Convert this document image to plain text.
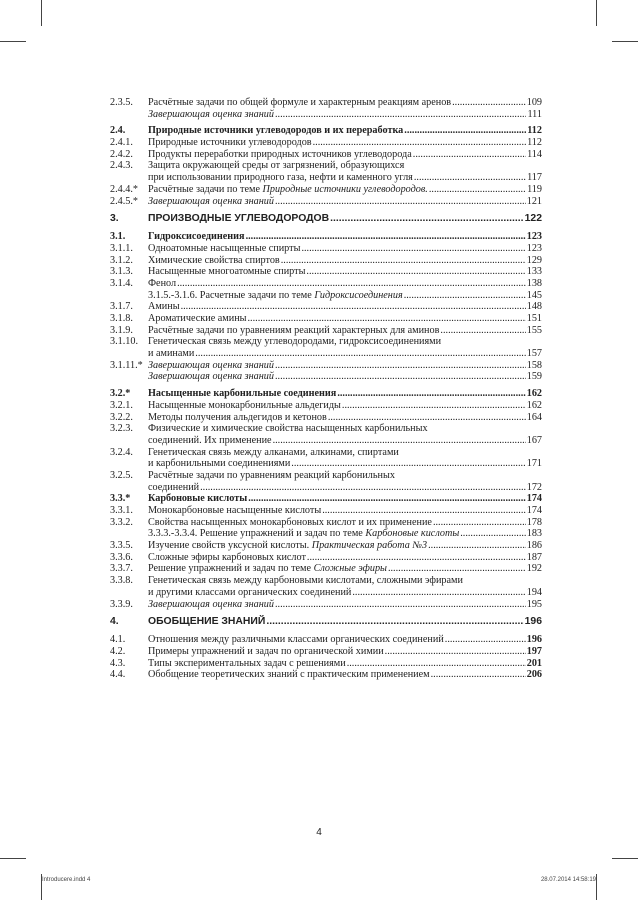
2.3.5.	Расчётные задачи по общей формуле и характерным реакциям аренов .....	109
Завершающая оценка знаний .....	111
2.4.	Природные источники углеводородов и их переработка .....	112
2.4.1.	Природные источники углеводородов .....	112
2.4.2.	Продукты переработки природных источников углеводорода .....	114
2.4.3.	Защита окружающей среды от загрязнений, образующихся
при использовании природного газа, нефти и каменного угля .....	117
2.4.4.* Расчётные задачи по теме Природные источники углеводородов. .....	119
2.4.5.* Завершающая оценка знаний .....	121
3.	ПРОИЗВОДНЫЕ УГЛЕВОДОРОДОВ .....	122
3.1.	Гидроксисоединения .....	123
3.1.1.	Одноатомные насыщенные спирты .....	123
3.1.2.	Химические свойства спиртов .....	129
3.1.3.	Насыщенные многоатомные спирты .....	133
3.1.4.	Фенол .....	138
3.1.5.-3.1.6. Расчетные задачи по теме Гидроксисоединения .....	145
3.1.7.	Амины .....	148
3.1.8.	Ароматические амины .....	151
3.1.9.	Расчётные задачи по уравнениям реакций характерных для аминов .....	155
3.1.10. Генетическая связь между углеводородами, гидроксисоединениями
и аминами .....	157
3.1.11.* Завершающая оценка знаний .....	158
Завершающая оценка знаний .....	159
3.2.*	Насыщенные карбонильные соединения .....	162
3.2.1.	Насыщенные монокарбонильные альдегиды .....	162
3.2.2.	Методы получения альдегидов и кетонов .....	164
3.2.3.	Физические и химические свойства насыщенных карбонильных
соединений. Их применение .....	167
3.2.4.	Генетическая связь между алканами, алкинами, спиртами
и карбонильными соединениями .....	171
3.2.5.	Расчётные задачи по уравнениям реакций карбонильных
соединений .....	172
3.3.*	Карбоновые кислоты .....	174
3.3.1.	Монокарбоновые насыщенные кислоты .....	174
3.3.2.	Свойства насыщенных монокарбоновых кислот и их применение .....	178
3.3.3.-3.3.4. Решение упражнений и задач по теме Карбоновые кислоты .....	183
3.3.5.	Изучение свойств уксусной кислоты. Практическая работа №3 .....	186
3.3.6.	Сложные эфиры карбоновых кислот .....	187
3.3.7.	Решение упражнений и задач по теме Сложные эфиры .....	192
3.3.8.	Генетическая связь между карбоновыми кислотами, сложными эфирами
и другими классами органических соединений .....	194
3.3.9.	Завершающая оценка знаний .....	195
4.	ОБОБЩЕНИЕ ЗНАНИЙ .....	196
4.1.	Отношения между различными классами органических соединений .....	196
4.2.	Примеры упражнений и задач по органической химии .....	197
4.3.	Типы экспериментальных задач с решениями .....	201
4.4.	Обобщение теоретических знаний с практическим применением .....	206
4
Introducere.indd 4	28.07.2014 14:58:19
